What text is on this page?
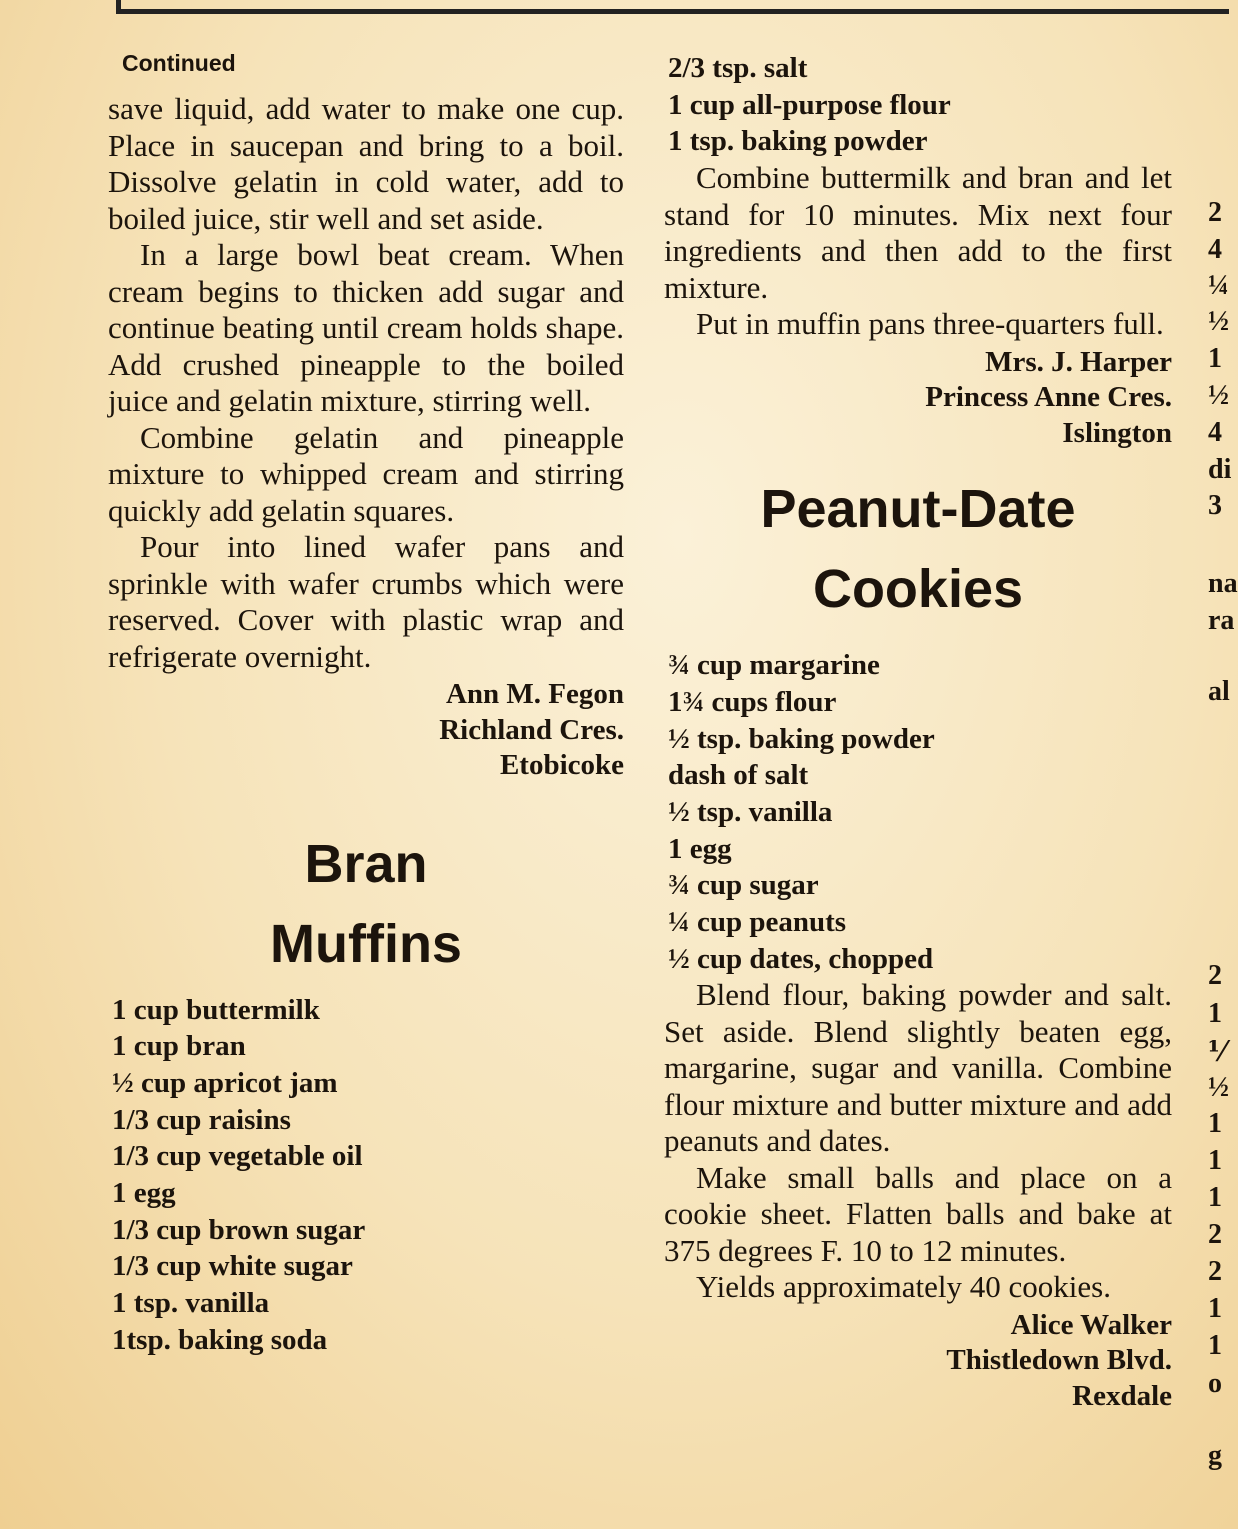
Continued

save liquid, add water to make one cup. Place in saucepan and bring to a boil. Dissolve gelatin in cold water, add to boiled juice, stir well and set aside.

In a large bowl beat cream. When cream begins to thicken add sugar and continue beating until cream holds shape. Add crushed pineapple to the boiled juice and gelatin mixture, stirring well.

Combine gelatin and pineapple mixture to whipped cream and stirring quickly add gelatin squares.

Pour into lined wafer pans and sprinkle with wafer crumbs which were reserved. Cover with plastic wrap and refrigerate overnight.

Ann M. Fegon
Richland Cres.
Etobicoke
Bran
Muffins
1 cup buttermilk
1 cup bran
½ cup apricot jam
1/3 cup raisins
1/3 cup vegetable oil
1 egg
1/3 cup brown sugar
1/3 cup white sugar
1 tsp. vanilla
1tsp. baking soda
2/3 tsp. salt
1 cup all-purpose flour
1 tsp. baking powder

Combine buttermilk and bran and let stand for 10 minutes. Mix next four ingredients and then add to the first mixture.

Put in muffin pans three-quarters full.

Mrs. J. Harper
Princess Anne Cres.
Islington
Peanut-Date
Cookies
¾ cup margarine
1¾ cups flour
½ tsp. baking powder
dash of salt
½ tsp. vanilla
1 egg
¾ cup sugar
¼ cup peanuts
½ cup dates, chopped

Blend flour, baking powder and salt. Set aside. Blend slightly beaten egg, margarine, sugar and vanilla. Combine flour mixture and butter mixture and add peanuts and dates.

Make small balls and place on a cookie sheet. Flatten balls and bake at 375 degrees F. 10 to 12 minutes.

Yields approximately 40 cookies.

Alice Walker
Thistledown Blvd.
Rexdale
2
4
¼
½
1
½
4
di
3
na
ra
al
2
1
⅟
½
1
1
1
2
2
1
1
o
g
